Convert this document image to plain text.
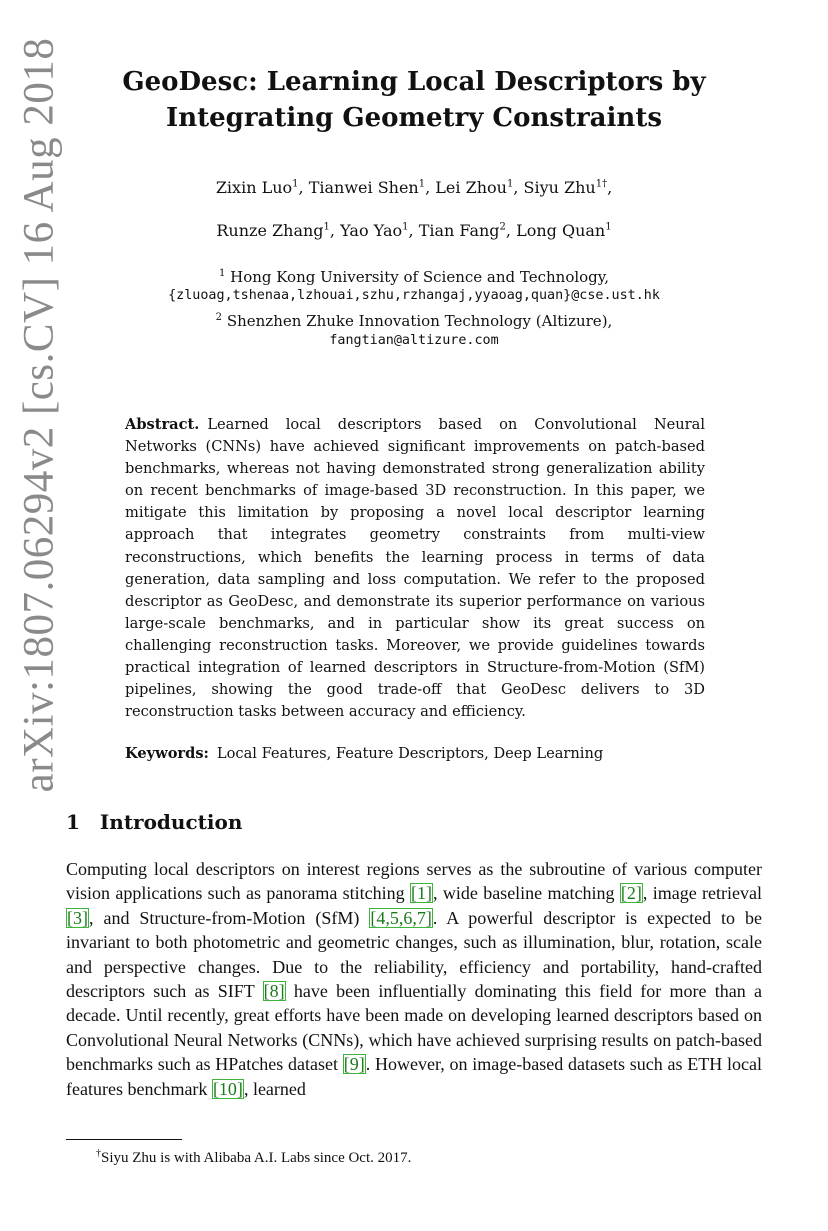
arXiv:1807.06294v2 [cs.CV] 16 Aug 2018	GeoDesc: Learning Local Descriptors by
Integrating Geometry Constraints
Zixin Luo$^1$, Tianwei Shen$^1$, Lei Zhou$^1$, Siyu Zhu$^{1\dagger}$,
Runze Zhang$^1$, Yao Yao$^1$, Tian Fang$^2$, Long Quan$^1$
$^1$ Hong Kong University of Science and Technology,
{zluoag,tshenaa,lzhouai,szhu,rzhangaj,yyaoag,quan}@cse.ust.hk
$^2$ Shenzhen Zhuke Innovation Technology (Altizure),
fangtian@altizure.com

Abstract. Learned local descriptors based on Convolutional Neural Networks (CNNs) have achieved significant improvements on patch-based benchmarks, whereas not having demonstrated strong generalization ability on recent benchmarks of image-based 3D reconstruction. In this paper, we mitigate this limitation by proposing a novel local descriptor learning approach that integrates geometry constraints from multi-view reconstructions, which benefits the learning process in terms of data generation, data sampling and loss computation. We refer to the proposed descriptor as GeoDesc, and demonstrate its superior performance on various large-scale benchmarks, and in particular show its great success on challenging reconstruction tasks. Moreover, we provide guidelines towards practical integration of learned descriptors in Structure-from-Motion (SfM) pipelines, showing the good trade-off that GeoDesc delivers to 3D reconstruction tasks between accuracy and efficiency.

Keywords: Local Features, Feature Descriptors, Deep Learning

1 Introduction

Computing local descriptors on interest regions serves as the subroutine of various computer vision applications such as panorama stitching [1], wide baseline matching [2], image retrieval [3], and Structure-from-Motion (SfM) [4,5,6,7]. A powerful descriptor is expected to be invariant to both photometric and geometric changes, such as illumination, blur, rotation, scale and perspective changes. Due to the reliability, efficiency and portability, hand-crafted descriptors such as SIFT [8] have been influentially dominating this field for more than a decade. Until recently, great efforts have been made on developing learned descriptors based on Convolutional Neural Networks (CNNs), which have achieved surprising results on patch-based benchmarks such as HPatches dataset [9]. However, on image-based datasets such as ETH local features benchmark [10], learned

†Siyu Zhu is with Alibaba A.I. Labs since Oct. 2017.
